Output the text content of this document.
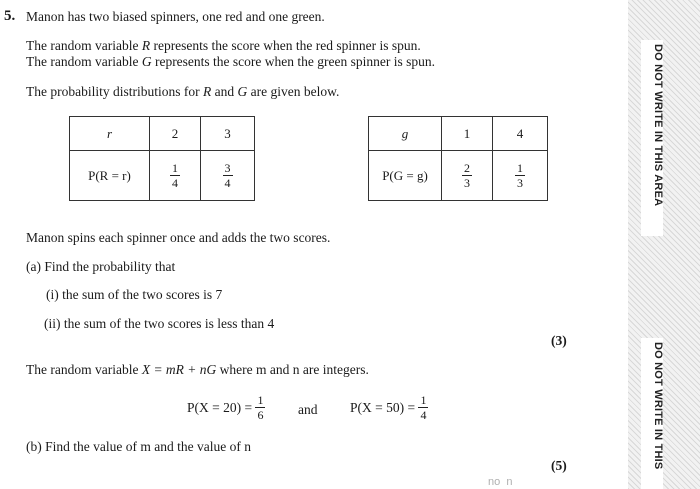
5. Manon has two biased spinners, one red and one green.
The random variable R represents the score when the red spinner is spun.
The random variable G represents the score when the green spinner is spun.
The probability distributions for R and G are given below.
r	2	3
P(R = r)	$\frac{1}{4}$	$\frac{3}{4}$
g	1	4
P(G = g)	$\frac{2}{3}$	$\frac{1}{3}$
Manon spins each spinner once and adds the two scores.
(a) Find the probability that
(i) the sum of the two scores is 7
(ii) the sum of the two scores is less than 4
(3)
The random variable X = mR + nG where m and n are integers.
P(X = 20) =
$\frac{1}{6}$ and P(X = 50) =
$\frac{1}{4}$
(b) Find the value of m and the value of n
(5)
no  n
DO NOT WRITE IN THIS AREA
DO NOT WRITE IN THIS
